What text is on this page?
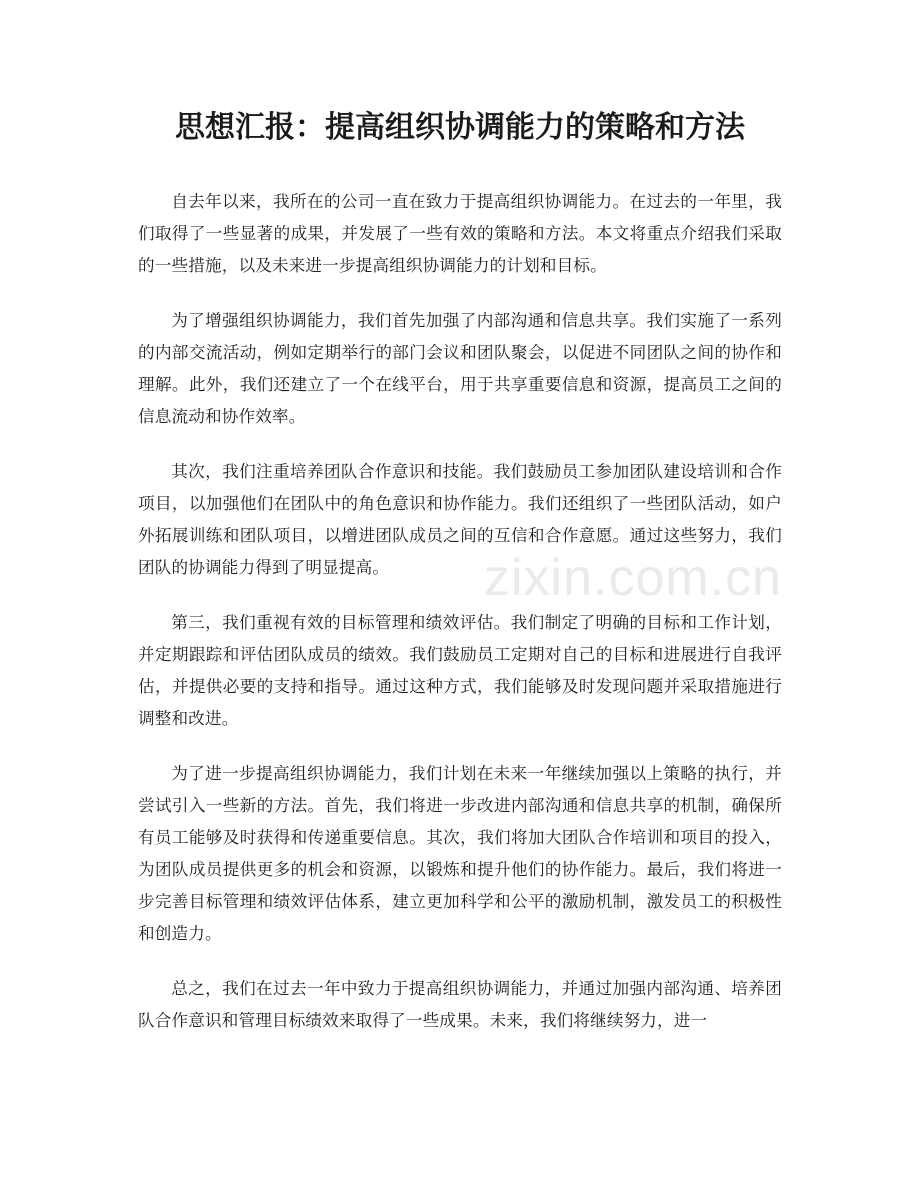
思想汇报：提高组织协调能力的策略和方法

自去年以来，我所在的公司一直在致力于提高组织协调能力。在过去的一年里，我们取得了一些显著的成果，并发展了一些有效的策略和方法。本文将重点介绍我们采取的一些措施，以及未来进一步提高组织协调能力的计划和目标。

为了增强组织协调能力，我们首先加强了内部沟通和信息共享。我们实施了一系列的内部交流活动，例如定期举行的部门会议和团队聚会，以促进不同团队之间的协作和理解。此外，我们还建立了一个在线平台，用于共享重要信息和资源，提高员工之间的信息流动和协作效率。

其次，我们注重培养团队合作意识和技能。我们鼓励员工参加团队建设培训和合作项目，以加强他们在团队中的角色意识和协作能力。我们还组织了一些团队活动，如户外拓展训练和团队项目，以增进团队成员之间的互信和合作意愿。通过这些努力，我们团队的协调能力得到了明显提高。

第三，我们重视有效的目标管理和绩效评估。我们制定了明确的目标和工作计划，并定期跟踪和评估团队成员的绩效。我们鼓励员工定期对自己的目标和进展进行自我评估，并提供必要的支持和指导。通过这种方式，我们能够及时发现问题并采取措施进行调整和改进。

为了进一步提高组织协调能力，我们计划在未来一年继续加强以上策略的执行，并尝试引入一些新的方法。首先，我们将进一步改进内部沟通和信息共享的机制，确保所有员工能够及时获得和传递重要信息。其次，我们将加大团队合作培训和项目的投入，为团队成员提供更多的机会和资源，以锻炼和提升他们的协作能力。最后，我们将进一步完善目标管理和绩效评估体系，建立更加科学和公平的激励机制，激发员工的积极性和创造力。

总之，我们在过去一年中致力于提高组织协调能力，并通过加强内部沟通、培养团队合作意识和管理目标绩效来取得了一些成果。未来，我们将继续努力，进一

zixin.com.cn
